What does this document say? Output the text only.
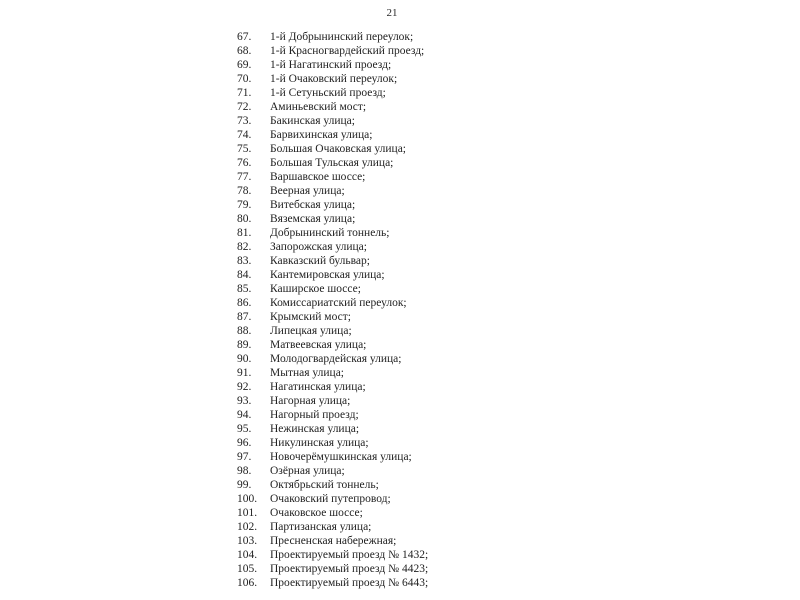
21
67.	1-й Добрынинский переулок;
68.	1-й Красногвардейский проезд;
69.	1-й Нагатинский проезд;
70.	1-й Очаковский переулок;
71.	1-й Сетуньский проезд;
72.	Аминьевский мост;
73.	Бакинская улица;
74.	Барвихинская улица;
75.	Большая Очаковская улица;
76.	Большая Тульская улица;
77.	Варшавское шоссе;
78.	Веерная улица;
79.	Витебская улица;
80.	Вяземская улица;
81.	Добрынинский тоннель;
82.	Запорожская улица;
83.	Кавказский бульвар;
84.	Кантемировская улица;
85.	Каширское шоссе;
86.	Комиссариатский переулок;
87.	Крымский мост;
88.	Липецкая улица;
89.	Матвеевская улица;
90.	Молодогвардейская улица;
91.	Мытная улица;
92.	Нагатинская улица;
93.	Нагорная улица;
94.	Нагорный проезд;
95.	Нежинская улица;
96.	Никулинская улица;
97.	Новочерёмушкинская улица;
98.	Озёрная улица;
99.	Октябрьский тоннель;
100.	Очаковский путепровод;
101.	Очаковское шоссе;
102.	Партизанская улица;
103.	Пресненская набережная;
104.	Проектируемый проезд № 1432;
105.	Проектируемый проезд № 4423;
106.	Проектируемый проезд № 6443;
